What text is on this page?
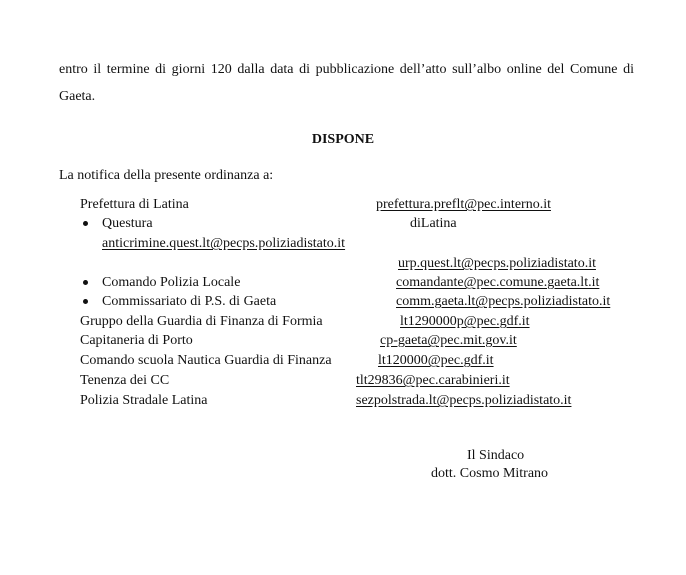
entro il termine di giorni 120 dalla data di pubblicazione dell’atto sull’albo online del Comune di Gaeta.
DISPONE
La notifica della presente ordinanza a:
Prefettura di Latina	prefettura.preflt@pec.interno.it
Questura	diLatina
anticrimine.quest.lt@pecps.poliziadistato.it
urp.quest.lt@pecps.poliziadistato.it
Comando Polizia Locale	comandante@pec.comune.gaeta.lt.it
Commissariato di P.S. di Gaeta	comm.gaeta.lt@pecps.poliziadistato.it
Gruppo della Guardia di Finanza di Formia	lt1290000p@pec.gdf.it
Capitaneria di Porto	cp-gaeta@pec.mit.gov.it
Comando scuola Nautica Guardia di Finanza	lt120000@pec.gdf.it
Tenenza dei CC	tlt29836@pec.carabinieri.it
Polizia Stradale Latina	sezpolstrada.lt@pecps.poliziadistato.it
Il Sindaco
dott. Cosmo Mitrano
